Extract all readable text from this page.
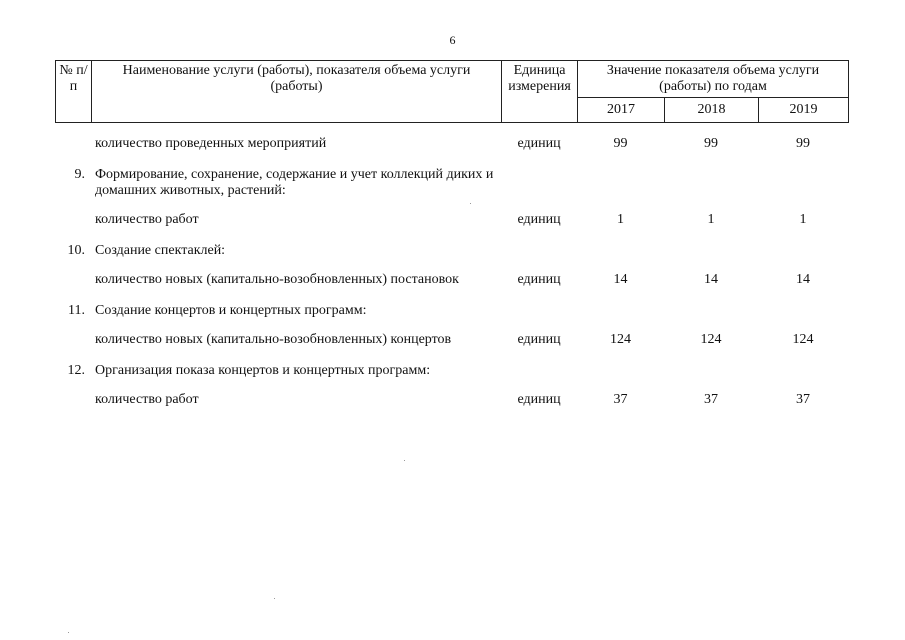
6
№ п/п	Наименование услуги (работы), показателя объема услуги (работы)	Единица измерения	Значение показателя объема услуги (работы) по годам		
			2017	2018	2019
	количество проведенных мероприятий	единиц	99	99	99
9.	Формирование, сохранение, содержание и учет коллекций диких и домашних животных, растений:				
	количество работ	единиц	1	1	1
10.	Создание спектаклей:				
	количество новых (капитально-возобновленных) постановок	единиц	14	14	14
11.	Создание концертов и концертных программ:				
	количество новых (капитально-возобновленных) концертов	единиц	124	124	124
12.	Организация показа концертов и концертных программ:				
	количество работ	единиц	37	37	37
